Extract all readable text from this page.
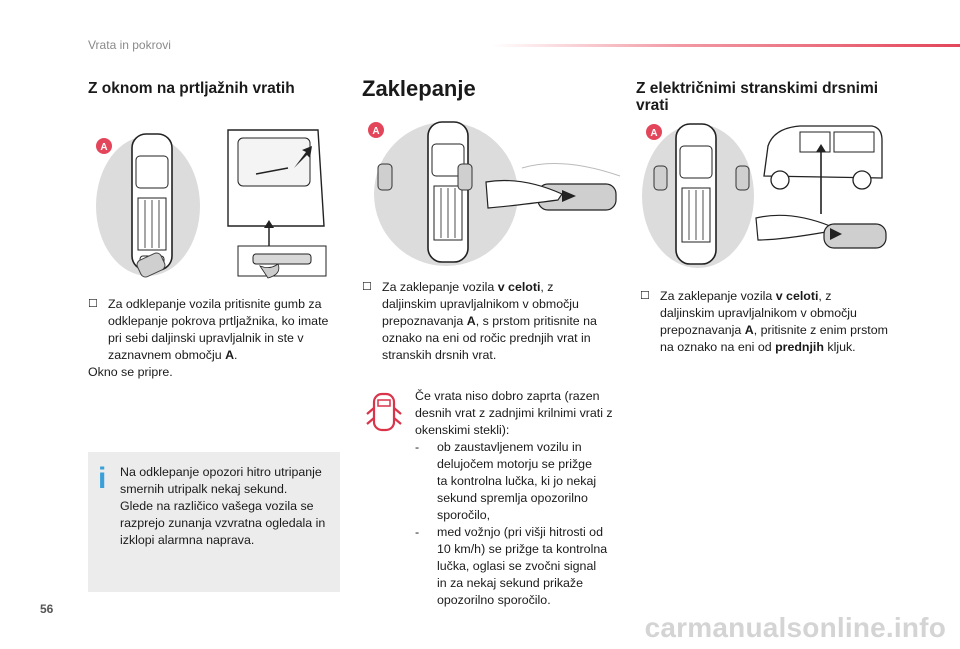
Vrata in pokrovi
Z oknom na prtljažnih vratih
A
☐ Za odklepanje vozila pritisnite gumb za
odklepanje pokrova prtljažnika, ko imate
pri sebi daljinski upravljalnik in ste v
zaznavnem območju A.
Okno se pripre.
i Na odklepanje opozori hitro utripanje
smernih utripalk nekaj sekund.
Glede na različico vašega vozila se
razprejo zunanja vzvratna ogledala in
izklopi alarmna naprava.
Zaklepanje
A
☐ Za zaklepanje vozila v celoti, z
daljinskim upravljalnikom v območju
prepoznavanja A, s prstom pritisnite na
oznako na eni od ročic prednjih vrat in
stranskih drsnih vrat.
Če vrata niso dobro zaprta (razen
desnih vrat z zadnjimi krilnimi vrati z
okenskimi stekli):
- ob zaustavljenem vozilu in
delujočem motorju se prižge
ta kontrolna lučka, ki jo nekaj
sekund spremlja opozorilno
sporočilo,
- med vožnjo (pri višji hitrosti od
10 km/h) se prižge ta kontrolna
lučka, oglasi se zvočni signal
in za nekaj sekund prikaže
opozorilno sporočilo.
Z električnimi stranskimi drsnimi
vrati
A
☐ Za zaklepanje vozila v celoti, z
daljinskim upravljalnikom v območju
prepoznavanja A, pritisnite z enim prstom
na oznako na eni od prednjih kljuk.
56
carmanualsonline.info
